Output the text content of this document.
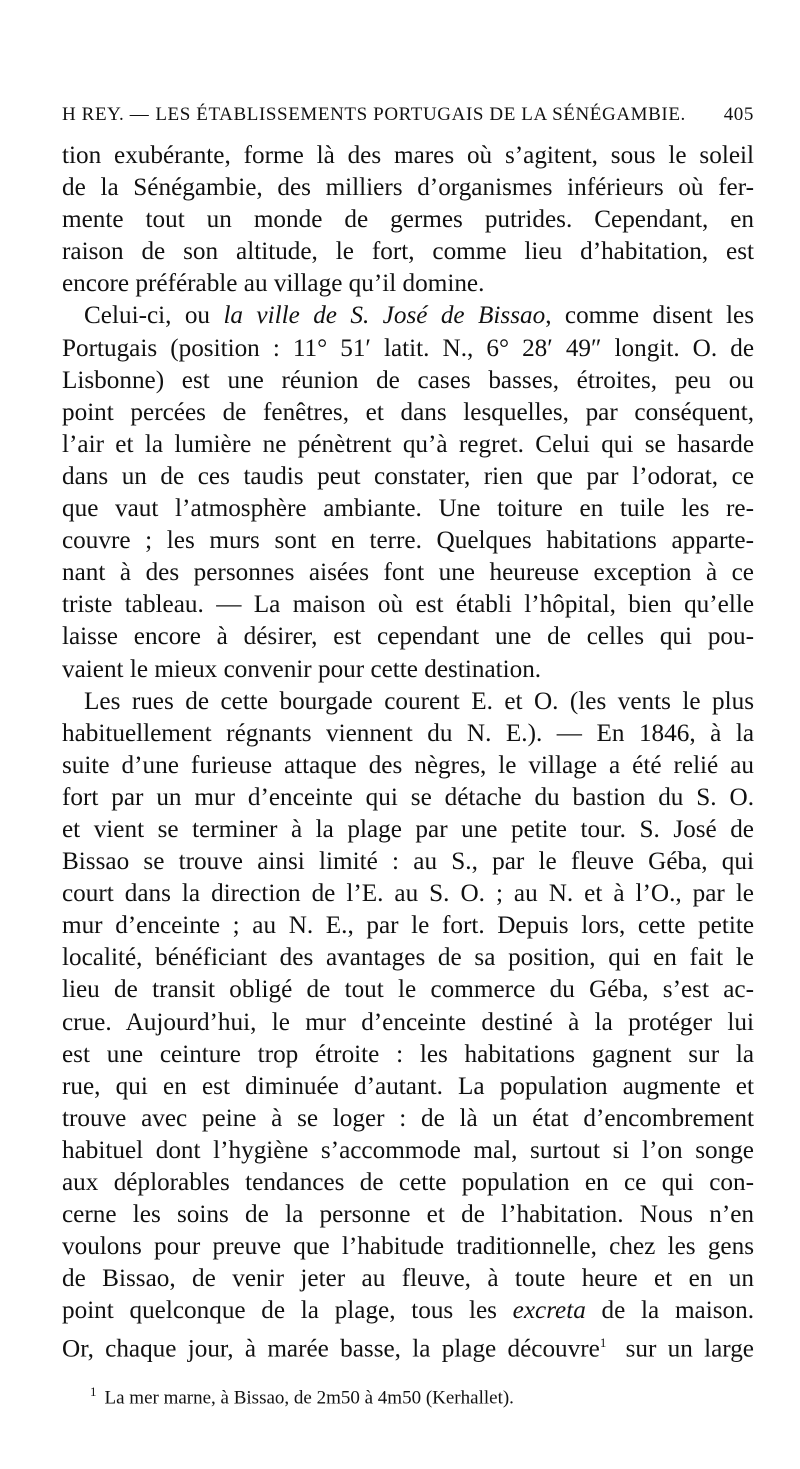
H REY. — LES ÉTABLISSEMENTS PORTUGAIS DE LA SÉNÉGAMBIE.	405
tion exubérante, forme là des mares où s’agitent, sous le soleil
de la Sénégambie, des milliers d’organismes inférieurs où fer-
mente tout un monde de germes putrides. Cependant, en
raison de son altitude, le fort, comme lieu d’habitation, est
encore préférable au village qu’il domine.
Celui-ci, ou la ville de S. José de Bissao, comme disent les
Portugais (position : 11° 51′ latit. N., 6° 28′ 49″ longit. O. de
Lisbonne) est une réunion de cases basses, étroites, peu ou
point percées de fenêtres, et dans lesquelles, par conséquent,
l’air et la lumière ne pénètrent qu’à regret. Celui qui se hasarde
dans un de ces taudis peut constater, rien que par l’odorat, ce
que vaut l’atmosphère ambiante. Une toiture en tuile les re-
couvre ; les murs sont en terre. Quelques habitations apparte-
nant à des personnes aisées font une heureuse exception à ce
triste tableau. — La maison où est établi l’hôpital, bien qu’elle
laisse encore à désirer, est cependant une de celles qui pou-
vaient le mieux convenir pour cette destination.
Les rues de cette bourgade courent E. et O. (les vents le plus
habituellement régnants viennent du N. E.). — En 1846, à la
suite d’une furieuse attaque des nègres, le village a été relié au
fort par un mur d’enceinte qui se détache du bastion du S. O.
et vient se terminer à la plage par une petite tour. S. José de
Bissao se trouve ainsi limité : au S., par le fleuve Géba, qui
court dans la direction de l’E. au S. O. ; au N. et à l’O., par le
mur d’enceinte ; au N. E., par le fort. Depuis lors, cette petite
localité, bénéficiant des avantages de sa position, qui en fait le
lieu de transit obligé de tout le commerce du Géba, s’est ac-
crue. Aujourd’hui, le mur d’enceinte destiné à la protéger lui
est une ceinture trop étroite : les habitations gagnent sur la
rue, qui en est diminuée d’autant. La population augmente et
trouve avec peine à se loger : de là un état d’encombrement
habituel dont l’hygiène s’accommode mal, surtout si l’on songe
aux déplorables tendances de cette population en ce qui con-
cerne les soins de la personne et de l’habitation. Nous n’en
voulons pour preuve que l’habitude traditionnelle, chez les gens
de Bissao, de venir jeter au fleuve, à toute heure et en un
point quelconque de la plage, tous les excreta de la maison.
Or, chaque jour, à marée basse, la plage découvre$^1$ sur un large
$^1$ La mer marne, à Bissao, de 2m50 à 4m50 (Kerhallet).
